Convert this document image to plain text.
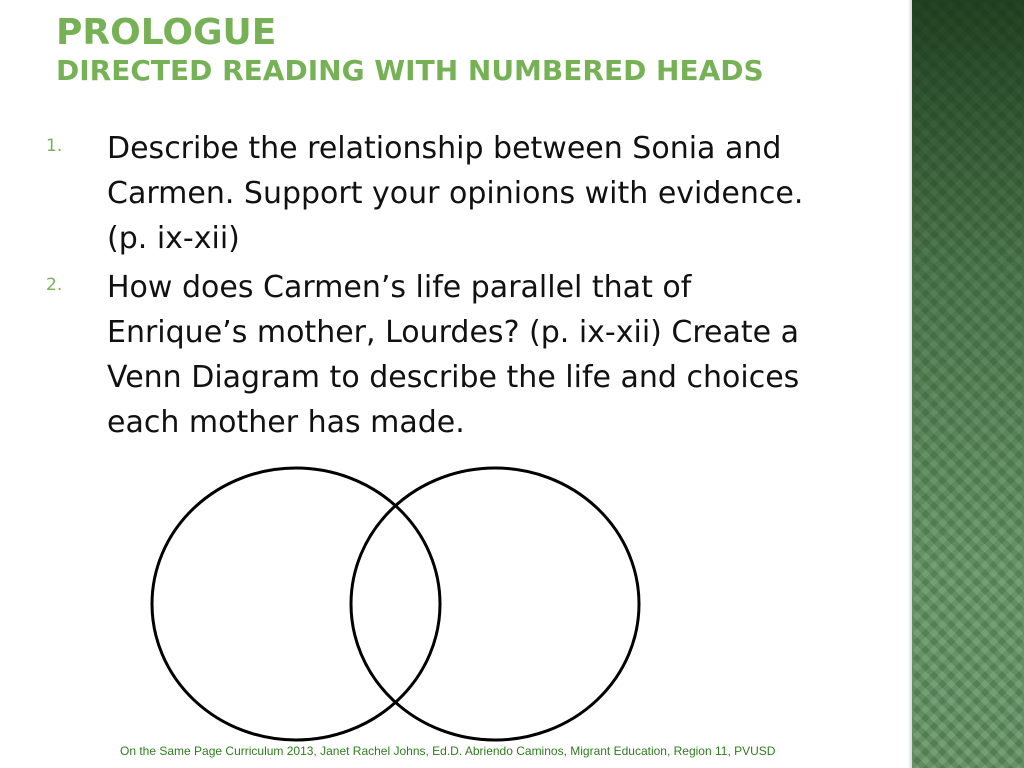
PROLOGUE
DIRECTED READING WITH NUMBERED HEADS
1. Describe the relationship between Sonia and Carmen. Support your opinions with evidence. (p. ix-xii)
2. How does Carmen’s life parallel that of Enrique’s mother, Lourdes? (p. ix-xii) Create a Venn Diagram to describe the life and choices each mother has made.
On the Same Page Curriculum 2013, Janet Rachel Johns, Ed.D. Abriendo Caminos, Migrant Education, Region 11, PVUSD
